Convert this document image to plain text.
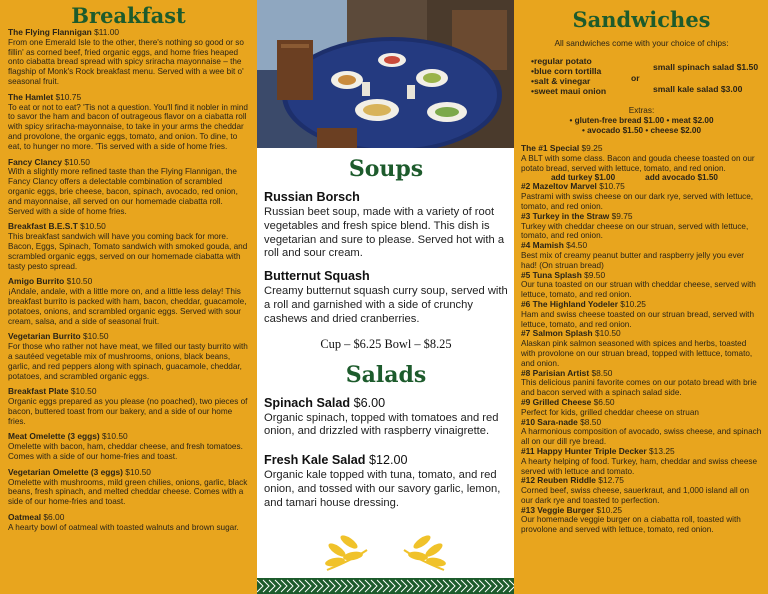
Breakfast
The Flying Flannigan $11.00
From one Emerald Isle to the other, there's nothing so good or so fillin' as corned beef, fried organic eggs, and home fries heaped onto ciabatta bread spread with spicy sriracha mayonnaise – the flagship of Monk's Rock breakfast menu. Served with a wee bit o' seasonal fruit.
The Hamlet $10.75
To eat or not to eat? 'Tis not a question. You'll find it nobler in mind to savor the ham and bacon of outrageous flavor on a ciabatta roll with spicy sriracha-mayonnaise, to take in your arms the cheddar and provolone, the organic eggs, tomato, and onion. To dine, to eat, to hunger no more. 'Tis served with a side of home fries.
Fancy Clancy $10.50
With a slightly more refined taste than the Flying Flannigan, the Fancy Clancy offers a delectable combination of scrambled organic eggs, brie cheese, bacon, spinach, avocado, red onion, and mayonnaise, all served on our homemade ciabatta roll. Served with a side of home fries.
Breakfast B.E.S.T $10.50
This breakfast sandwich will have you coming back for more. Bacon, Eggs, Spinach, Tomato sandwich with smoked gouda, and scrambled organic eggs, served on our homemade ciabatta with tasty pesto spread.
Amigo Burrito $10.50
¡Andale, andale, with a little more on, and a little less delay! This breakfast burrito is packed with ham, bacon, cheddar, guacamole, potatoes, onions, and scrambled organic eggs. Served with sour cream, salsa, and a side of seasonal fruit.
Vegetarian Burrito $10.50
For those who rather not have meat, we filled our tasty burrito with a sautéed vegetable mix of mushrooms, onions, black beans, garlic, and red peppers along with spinach, guacamole, cheddar, potatoes, and scrambled organic eggs.
Breakfast Plate $10.50
Organic eggs prepared as you please (no poached), two pieces of bacon, buttered toast from our bakery, and a side of our home fries.
Meat Omelette (3 eggs) $10.50
Omelette with bacon, ham, cheddar cheese, and fresh tomatoes. Comes with a side of our home-fries and toast.
Vegetarian Omelette (3 eggs) $10.50
Omelette with mushrooms, mild green chilies, onions, garlic, black beans, fresh spinach, and melted cheddar cheese. Comes with a side of our home-fries and toast.
Oatmeal $6.00
A hearty bowl of oatmeal with toasted walnuts and brown sugar.
Soups
Russian Borsch

Russian beet soup, made with a variety of root vegetables and fresh spice blend. This dish is vegetarian and sure to please. Served hot with a roll and sour cream.

Butternut Squash

Creamy butternut squash curry soup, served with a roll and garnished with a side of crunchy cashews and dried cranberries.

Cup – $6.25 Bowl – $8.25

Salads
Spinach Salad $6.00

Organic spinach, topped with tomatoes and red onion, and drizzled with raspberry vinaigrette.

Fresh Kale Salad $12.00

Organic kale topped with tuna, tomato, and red onion, and tossed with our savory garlic, lemon, and tamari house dressing.

Sandwiches
All sandwiches come with your choice of chips:
• regular potato
• blue corn tortilla
• salt & vinegar
• sweet maui onion
or
small spinach salad $1.50
small kale salad $3.00
Extras:
• gluten-free bread $1.00 • meat $2.00
• avocado $1.50 • cheese $2.00
The #1 Special $9.25
A BLT with some class. Bacon and gouda cheese toasted on our potato bread, served with lettuce, tomato, and red onion.
add turkey $1.00	add avocado $1.50
#2 Mazeltov Marvel $10.75
Pastrami with swiss cheese on our dark rye, served with lettuce, tomato, and red onion.
#3 Turkey in the Straw $9.75
Turkey with cheddar cheese on our struan, served with lettuce, tomato, and red onion.
#4 Mamish $4.50
Best mix of creamy peanut butter and raspberry jelly you ever had! (On struan bread)
#5 Tuna Splash $9.50
Our tuna toasted on our struan with cheddar cheese, served with lettuce, tomato, and red onion.
#6 The Highland Yodeler $10.25
Ham and swiss cheese toasted on our struan bread, served with lettuce, tomato, and red onion.
#7 Salmon Splash $10.50
Alaskan pink salmon seasoned with spices and herbs, toasted with provolone on our struan bread, topped with lettuce, tomato, and onion.
#8 Parisian Artist $8.50
This delicious panini favorite comes on our potato bread with brie and bacon served with a spinach salad side.
#9 Grilled Cheese $6.50
Perfect for kids, grilled cheddar cheese on struan
#10 Sara-nade $8.50
A harmonious composition of avocado, swiss cheese, and spinach all on our dill rye bread.
#11 Happy Hunter Triple Decker $13.25
A hearty helping of food. Turkey, ham, cheddar and swiss cheese served with lettuce and tomato.
#12 Reuben Riddle $12.75
Corned beef, swiss cheese, sauerkraut, and 1,000 island all on our dark rye and toasted to perfection.
#13 Veggie Burger $10.25
Our homemade veggie burger on a ciabatta roll, toasted with provolone and served with lettuce, tomato, red onion.
